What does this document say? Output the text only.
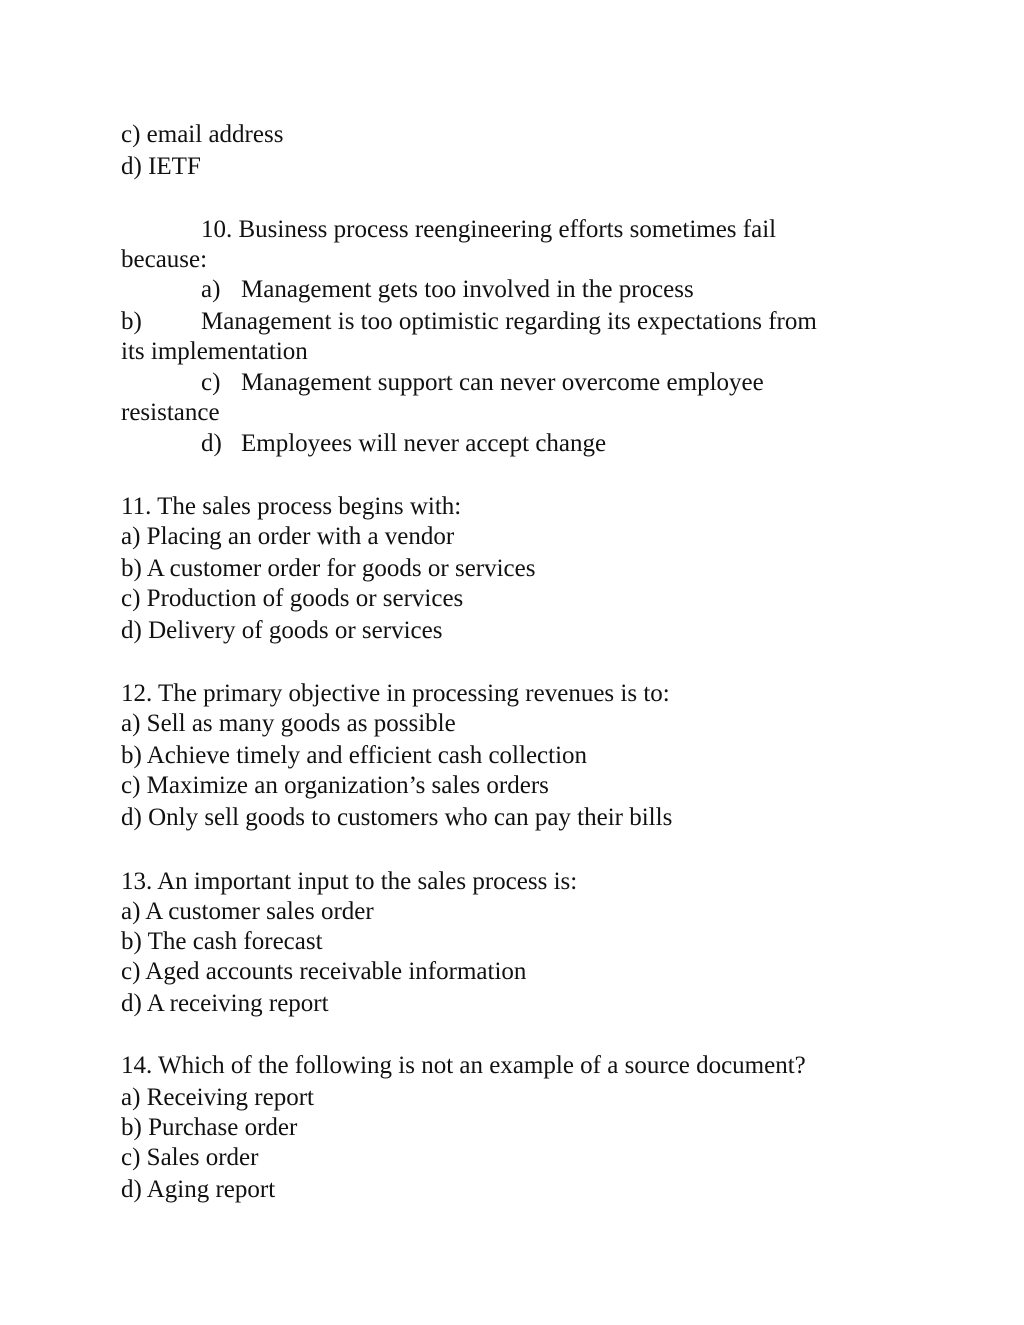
c) email address
d) IETF
10. Business process reengineering efforts sometimes fail
because:
a) Management gets too involved in the process
b) Management is too optimistic regarding its expectations from
its implementation
c) Management support can never overcome employee
resistance
d) Employees will never accept change
11. The sales process begins with:
a) Placing an order with a vendor
b) A customer order for goods or services
c) Production of goods or services
d) Delivery of goods or services
12. The primary objective in processing revenues is to:
a) Sell as many goods as possible
b) Achieve timely and efficient cash collection
c) Maximize an organization’s sales orders
d) Only sell goods to customers who can pay their bills
13. An important input to the sales process is:
a) A customer sales order
b) The cash forecast
c) Aged accounts receivable information
d) A receiving report
14. Which of the following is not an example of a source document?
a) Receiving report
b) Purchase order
c) Sales order
d) Aging report
